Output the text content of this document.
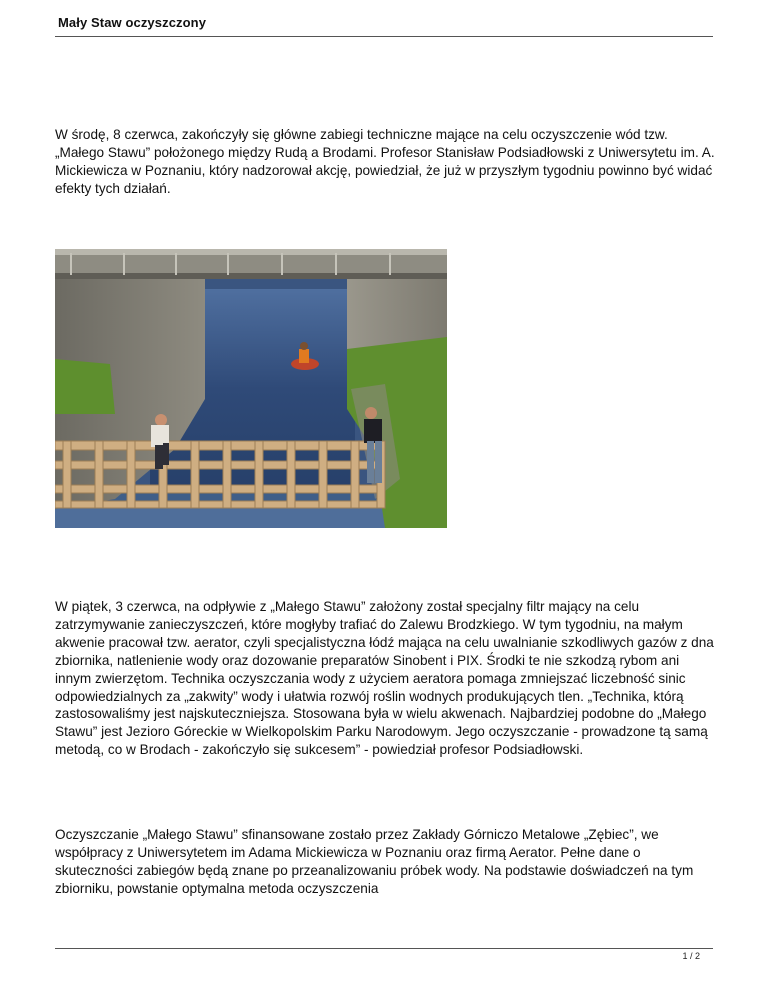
Mały Staw oczyszczony

W środę, 8 czerwca, zakończyły się główne zabiegi techniczne mające na celu oczyszczenie wód tzw. „Małego Stawu” położonego między Rudą a Brodami. Profesor Stanisław Podsiadłowski z Uniwersytetu im. A. Mickiewicza w Poznaniu, który nadzorował akcję, powiedział, że już w przyszłym tygodniu powinno być widać efekty tych działań.

W piątek, 3 czerwca, na odpływie z „Małego Stawu” założony został specjalny filtr mający na celu zatrzymywanie zanieczyszczeń, które mogłyby trafiać do Zalewu Brodzkiego. W tym tygodniu, na małym akwenie pracował tzw. aerator, czyli specjalistyczna łódź mająca na celu uwalnianie szkodliwych gazów z dna zbiornika, natlenienie wody oraz dozowanie preparatów Sinobent i PIX. Środki te nie szkodzą rybom ani innym zwierzętom. Technika oczyszczania wody z użyciem aeratora pomaga zmniejszać liczebność sinic odpowiedzialnych za „zakwity” wody i ułatwia rozwój roślin wodnych produkujących tlen. „Technika, którą zastosowaliśmy jest najskuteczniejsza. Stosowana była w wielu akwenach. Najbardziej podobne do „Małego Stawu” jest Jezioro Góreckie w Wielkopolskim Parku Narodowym. Jego oczyszczanie - prowadzone tą samą metodą, co w Brodach - zakończyło się sukcesem” - powiedział profesor Podsiadłowski.

Oczyszczanie „Małego Stawu” sfinansowane zostało przez Zakłady Górniczo Metalowe „Zębiec”, we współpracy z Uniwersytetem im Adama Mickiewicza w Poznaniu oraz firmą Aerator. Pełne dane o skuteczności zabiegów będą znane po przeanalizowaniu próbek wody. Na podstawie doświadczeń na tym zbiorniku, powstanie optymalna metoda oczyszczenia

1 / 2
